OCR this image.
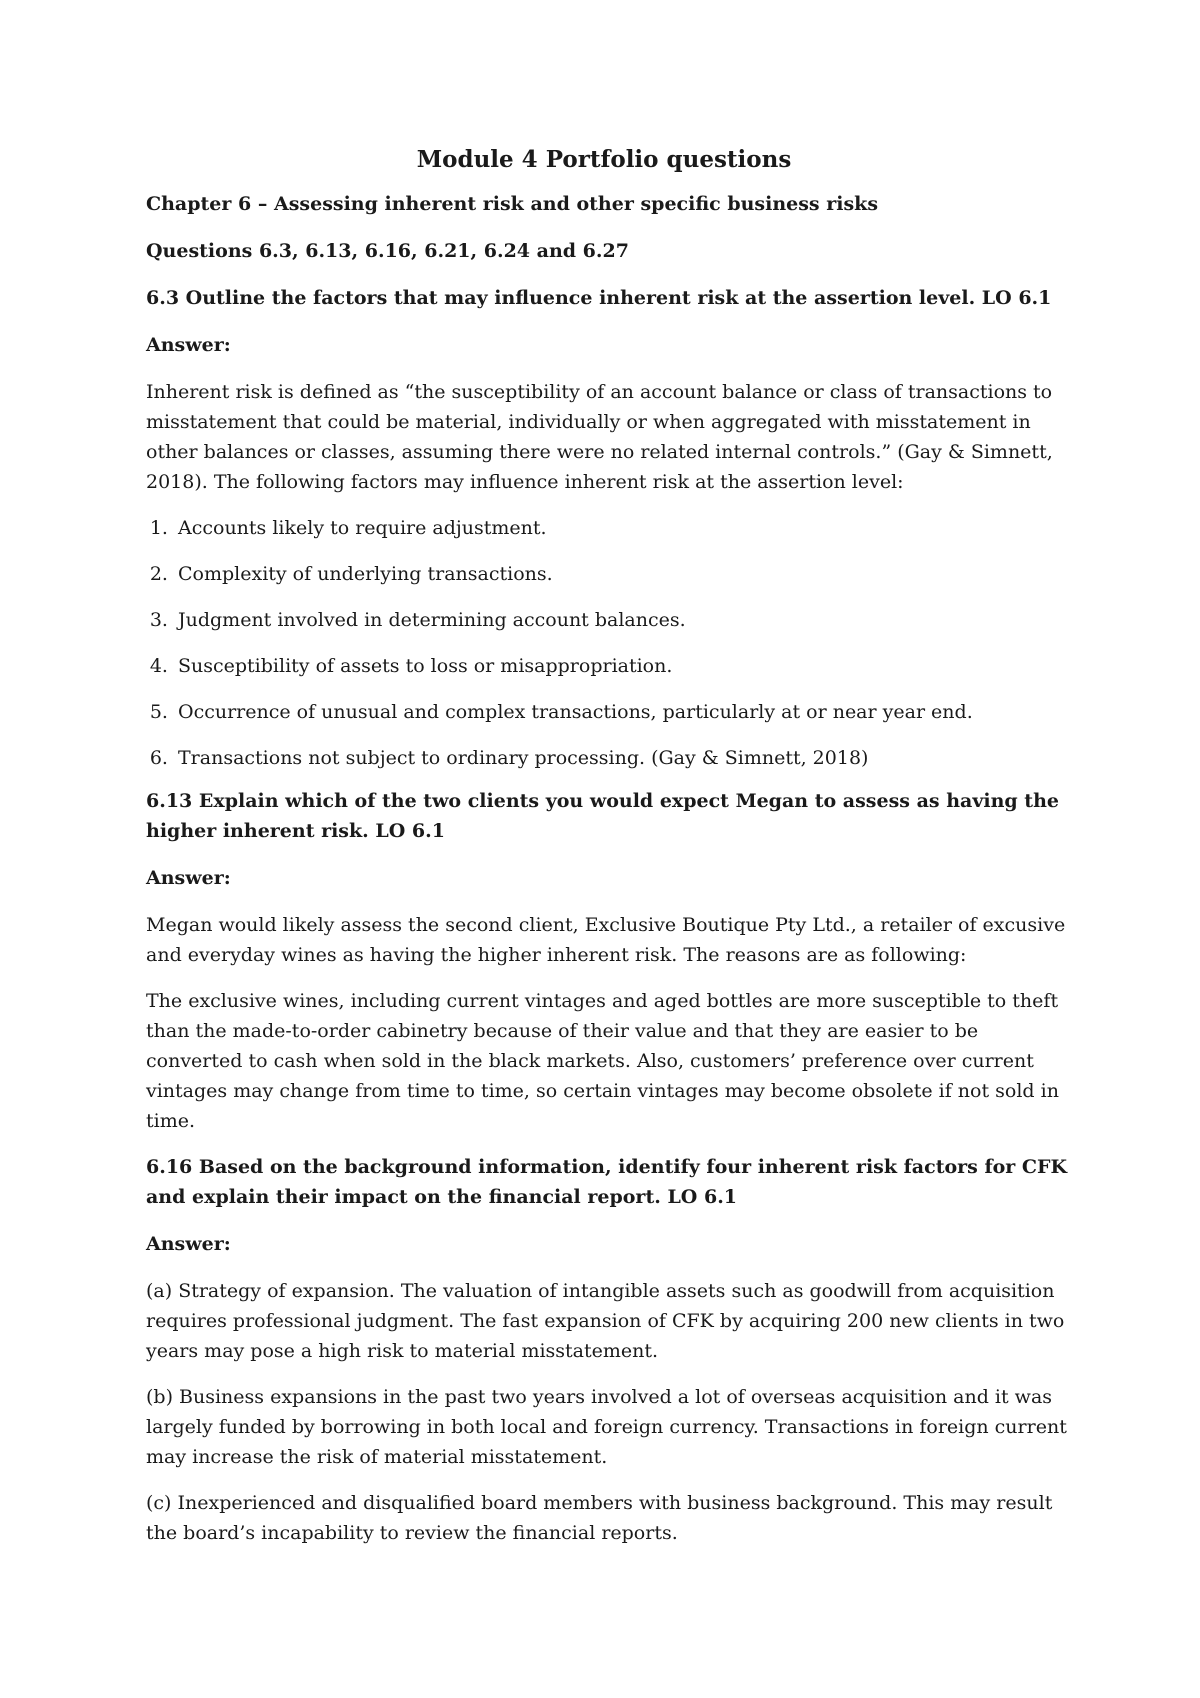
Module 4 Portfolio questions

Chapter 6 – Assessing inherent risk and other specific business risks

Questions 6.3, 6.13, 6.16, 6.21, 6.24 and 6.27

6.3 Outline the factors that may influence inherent risk at the assertion level. LO 6.1

Answer:

Inherent risk is defined as “the susceptibility of an account balance or class of transactions to misstatement that could be material, individually or when aggregated with misstatement in other balances or classes, assuming there were no related internal controls.” (Gay & Simnett, 2018). The following factors may influence inherent risk at the assertion level:

1. Accounts likely to require adjustment.
2. Complexity of underlying transactions.
3. Judgment involved in determining account balances.
4. Susceptibility of assets to loss or misappropriation.
5. Occurrence of unusual and complex transactions, particularly at or near year end.
6. Transactions not subject to ordinary processing. (Gay & Simnett, 2018)

6.13 Explain which of the two clients you would expect Megan to assess as having the higher inherent risk. LO 6.1

Answer:

Megan would likely assess the second client, Exclusive Boutique Pty Ltd., a retailer of excusive and everyday wines as having the higher inherent risk. The reasons are as following:

The exclusive wines, including current vintages and aged bottles are more susceptible to theft than the made-to-order cabinetry because of their value and that they are easier to be converted to cash when sold in the black markets. Also, customers’ preference over current vintages may change from time to time, so certain vintages may become obsolete if not sold in time.

6.16 Based on the background information, identify four inherent risk factors for CFK and explain their impact on the financial report. LO 6.1

Answer:

(a) Strategy of expansion. The valuation of intangible assets such as goodwill from acquisition requires professional judgment. The fast expansion of CFK by acquiring 200 new clients in two years may pose a high risk to material misstatement.

(b) Business expansions in the past two years involved a lot of overseas acquisition and it was largely funded by borrowing in both local and foreign currency. Transactions in foreign current may increase the risk of material misstatement.

(c) Inexperienced and disqualified board members with business background. This may result the board’s incapability to review the financial reports.
